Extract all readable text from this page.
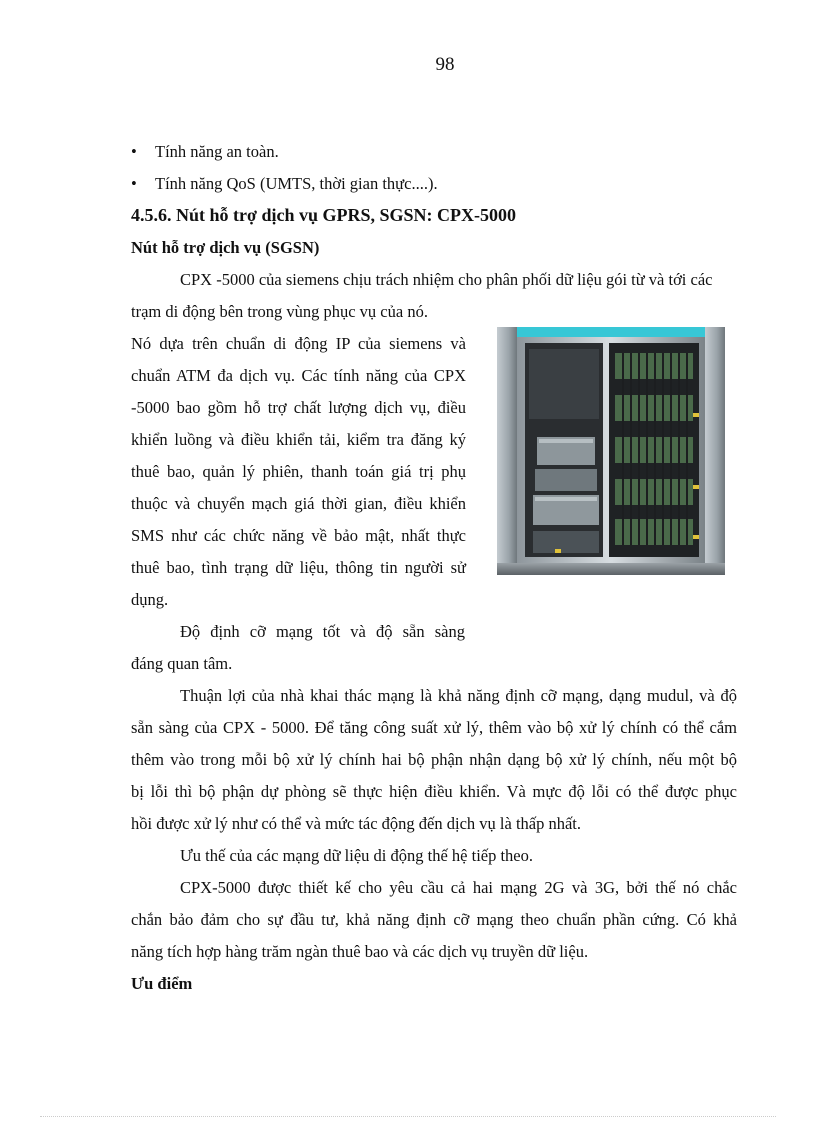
98
• Tính năng an toàn.
• Tính năng QoS (UMTS, thời gian thực....).
4.5.6. Nút hỗ trợ dịch vụ GPRS, SGSN: CPX-5000
Nút hỗ trợ dịch vụ (SGSN)
CPX -5000 của siemens chịu trách nhiệm cho phân phối dữ liệu gói từ và tới các
trạm di động bên trong vùng phục vụ của nó.
Nó dựa trên chuẩn di động IP của siemens và
chuẩn ATM đa dịch vụ. Các tính năng của CPX
-5000 bao gồm hỗ trợ chất lượng dịch vụ, điều
khiển luồng và điều khiển tải, kiểm tra đăng ký
thuê bao, quản lý phiên, thanh toán giá trị phụ
thuộc và chuyển mạch giá thời gian, điều khiển
SMS như các chức năng về bảo mật, nhất thực
thuê bao, tình trạng dữ liệu, thông tin người sử
dụng.
Độ định cỡ mạng tốt và độ sẵn sàng
đáng quan tâm.
Thuận lợi của nhà khai thác mạng là khả năng định cỡ mạng, dạng mudul, và độ
sẵn sàng của CPX - 5000. Để tăng công suất xử lý, thêm vào bộ xử lý chính có thể cắm
thêm vào trong mỗi bộ xử lý chính hai bộ phận nhận dạng bộ xử lý chính, nếu một bộ
bị lỗi thì bộ phận dự phòng sẽ thực hiện điều khiển. Và mực độ lỗi có thể được phục
hồi được xử lý như có thể và mức tác động đến dịch vụ là thấp nhất.
Ưu thế của các mạng dữ liệu di động thế hệ tiếp theo.
CPX-5000 được thiết kế cho yêu cầu cả hai mạng 2G và 3G, bởi thế nó chắc
chắn bảo đảm cho sự đầu tư, khả năng định cỡ mạng theo chuẩn phần cứng. Có khả
năng tích hợp hàng trăm ngàn thuê bao và các dịch vụ truyền dữ liệu.
Ưu điểm
